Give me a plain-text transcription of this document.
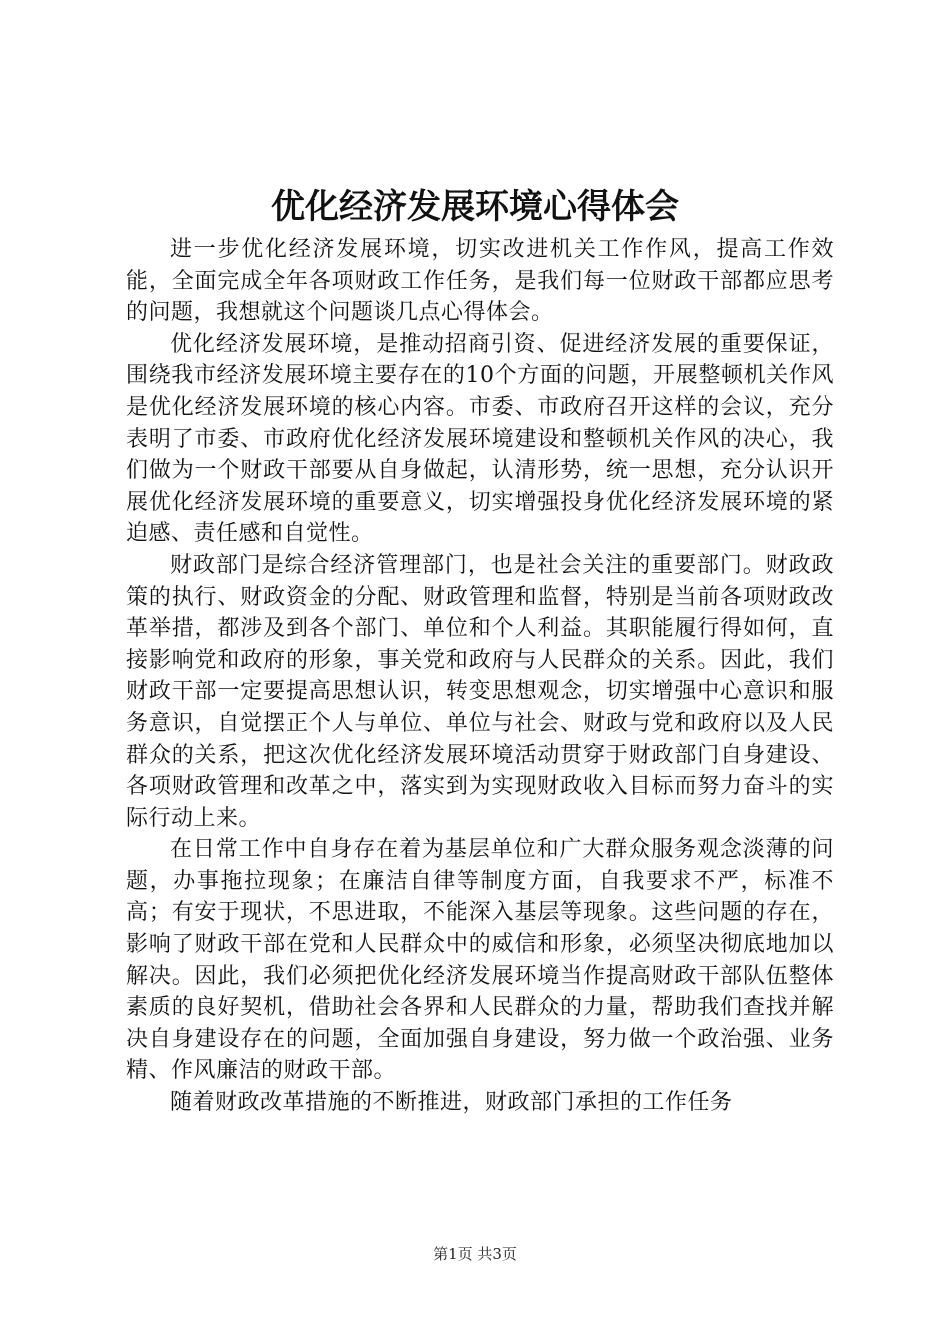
优化经济发展环境心得体会

进一步优化经济发展环境，切实改进机关工作作风，提高工作效能，全面完成全年各项财政工作任务，是我们每一位财政干部都应思考的问题，我想就这个问题谈几点心得体会。

优化经济发展环境，是推动招商引资、促进经济发展的重要保证，围绕我市经济发展环境主要存在的10个方面的问题，开展整顿机关作风是优化经济发展环境的核心内容。市委、市政府召开这样的会议，充分表明了市委、市政府优化经济发展环境建设和整顿机关作风的决心，我们做为一个财政干部要从自身做起，认清形势，统一思想，充分认识开展优化经济发展环境的重要意义，切实增强投身优化经济发展环境的紧迫感、责任感和自觉性。

财政部门是综合经济管理部门，也是社会关注的重要部门。财政政策的执行、财政资金的分配、财政管理和监督，特别是当前各项财政改革举措，都涉及到各个部门、单位和个人利益。其职能履行得如何，直接影响党和政府的形象，事关党和政府与人民群众的关系。因此，我们财政干部一定要提高思想认识，转变思想观念，切实增强中心意识和服务意识，自觉摆正个人与单位、单位与社会、财政与党和政府以及人民群众的关系，把这次优化经济发展环境活动贯穿于财政部门自身建设、各项财政管理和改革之中，落实到为实现财政收入目标而努力奋斗的实际行动上来。

在日常工作中自身存在着为基层单位和广大群众服务观念淡薄的问题，办事拖拉现象；在廉洁自律等制度方面，自我要求不严，标准不高；有安于现状，不思进取，不能深入基层等现象。这些问题的存在，影响了财政干部在党和人民群众中的威信和形象，必须坚决彻底地加以解决。因此，我们必须把优化经济发展环境当作提高财政干部队伍整体素质的良好契机，借助社会各界和人民群众的力量，帮助我们查找并解决自身建设存在的问题，全面加强自身建设，努力做一个政治强、业务精、作风廉洁的财政干部。

随着财政改革措施的不断推进，财政部门承担的工作任务

第1页 共3页
